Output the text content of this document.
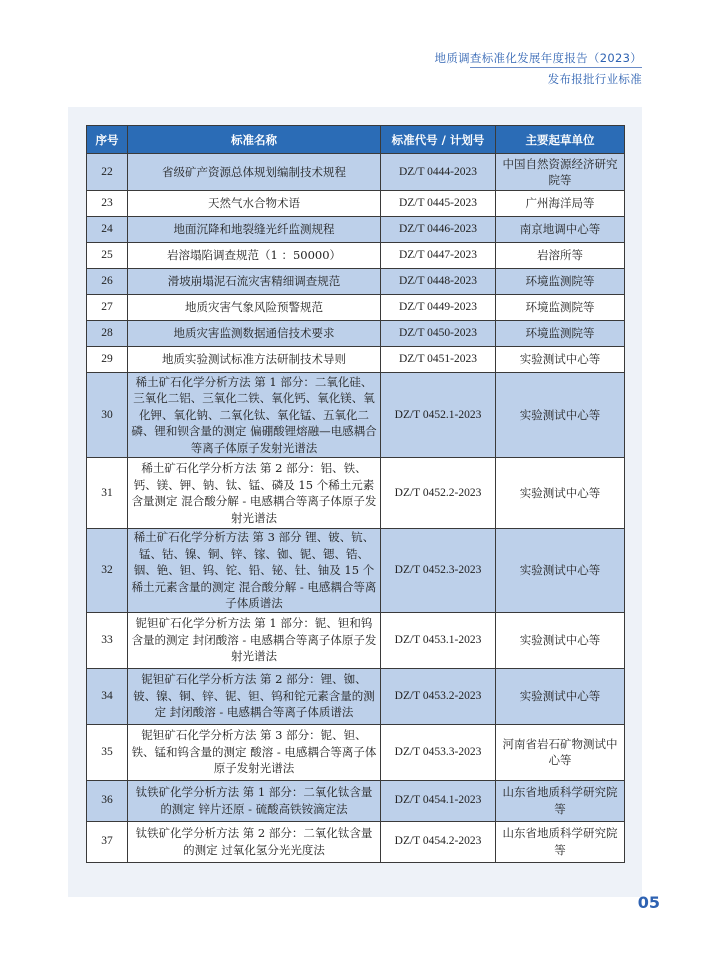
地质调查标准化发展年度报告（2023）
发布报批行业标准
序号	标准名称	标准代号 / 计划号	主要起草单位
22	省级矿产资源总体规划编制技术规程	DZ/T 0444-2023	中国自然资源经济研究院等
23	天然气水合物术语	DZ/T 0445-2023	广州海洋局等
24	地面沉降和地裂缝光纤监测规程	DZ/T 0446-2023	南京地调中心等
25	岩溶塌陷调查规范（1 ：50000）	DZ/T 0447-2023	岩溶所等
26	滑坡崩塌泥石流灾害精细调查规范	DZ/T 0448-2023	环境监测院等
27	地质灾害气象风险预警规范	DZ/T 0449-2023	环境监测院等
28	地质灾害监测数据通信技术要求	DZ/T 0450-2023	环境监测院等
29	地质实验测试标准方法研制技术导则	DZ/T 0451-2023	实验测试中心等
30	稀土矿石化学分析方法 第 1 部分：二氧化硅、三氧化二铝、三氧化二铁、氧化钙、氧化镁、氧化钾、氧化钠、二氧化钛、氧化锰、五氧化二磷、锂和钡含量的测定 偏硼酸锂熔融—电感耦合等离子体原子发射光谱法	DZ/T 0452.1-2023	实验测试中心等
31	稀土矿石化学分析方法 第 2 部分：铝、铁、钙、镁、钾、钠、钛、锰、磷及 15 个稀土元素含量测定 混合酸分解 - 电感耦合等离子体原子发射光谱法	DZ/T 0452.2-2023	实验测试中心等
32	稀土矿石化学分析方法 第 3 部分 锂、铍、钪、锰、钴、镍、铜、锌、镓、铷、铌、锶、锆、铟、铯、钽、钨、铊、铅、铋、钍、铀及 15 个稀土元素含量的测定 混合酸分解 - 电感耦合等离子体质谱法	DZ/T 0452.3-2023	实验测试中心等
33	铌钽矿石化学分析方法 第 1 部分：铌、钽和钨含量的测定 封闭酸溶 - 电感耦合等离子体原子发射光谱法	DZ/T 0453.1-2023	实验测试中心等
34	铌钽矿石化学分析方法 第 2 部分：锂、铷、铍、镍、铜、锌、铌、钽、钨和铊元素含量的测定 封闭酸溶 - 电感耦合等离子体质谱法	DZ/T 0453.2-2023	实验测试中心等
35	铌钽矿石化学分析方法 第 3 部分：铌、钽、铁、锰和钨含量的测定 酸溶 - 电感耦合等离子体原子发射光谱法	DZ/T 0453.3-2023	河南省岩石矿物测试中心等
36	钛铁矿化学分析方法 第 1 部分：二氧化钛含量的测定 锌片还原 - 硫酸高铁铵滴定法	DZ/T 0454.1-2023	山东省地质科学研究院等
37	钛铁矿化学分析方法 第 2 部分：二氧化钛含量的测定 过氧化氢分光光度法	DZ/T 0454.2-2023	山东省地质科学研究院等
05
